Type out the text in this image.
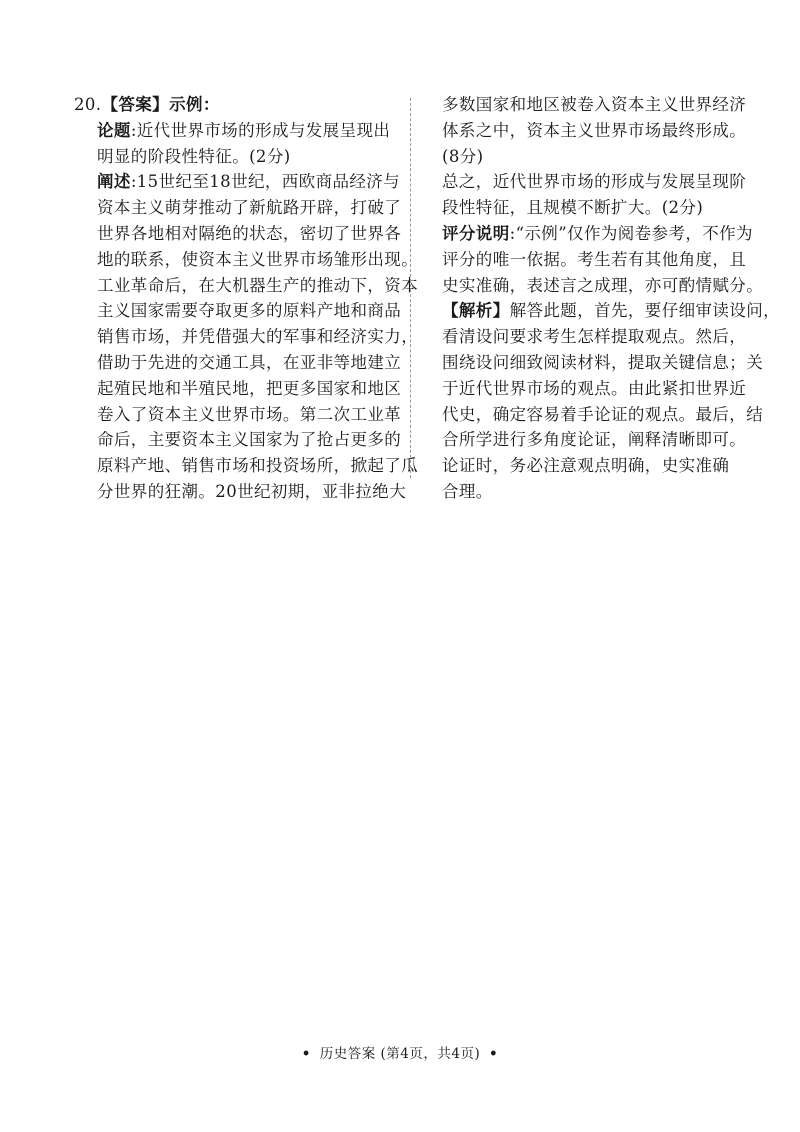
20.【答案】示例：
论题:近代世界市场的形成与发展呈现出
明显的阶段性特征。(2分)
阐述:15世纪至18世纪，西欧商品经济与
资本主义萌芽推动了新航路开辟，打破了
世界各地相对隔绝的状态，密切了世界各
地的联系，使资本主义世界市场雏形出现。
工业革命后，在大机器生产的推动下，资本
主义国家需要夺取更多的原料产地和商品
销售市场，并凭借强大的军事和经济实力，
借助于先进的交通工具，在亚非等地建立
起殖民地和半殖民地，把更多国家和地区
卷入了资本主义世界市场。第二次工业革
命后，主要资本主义国家为了抢占更多的
原料产地、销售市场和投资场所，掀起了瓜
分世界的狂潮。20世纪初期，亚非拉绝大
多数国家和地区被卷入资本主义世界经济
体系之中，资本主义世界市场最终形成。
(8分)
总之，近代世界市场的形成与发展呈现阶
段性特征，且规模不断扩大。(2分)
评分说明:“示例”仅作为阅卷参考，不作为
评分的唯一依据。考生若有其他角度，且
史实准确，表述言之成理，亦可酌情赋分。
【解析】解答此题，首先，要仔细审读设问，
看清设问要求考生怎样提取观点。然后，
围绕设问细致阅读材料，提取关键信息；关
于近代世界市场的观点。由此紧扣世界近
代史，确定容易着手论证的观点。最后，结
合所学进行多角度论证，阐释清晰即可。
论证时，务必注意观点明确，史实准确
合理。
• 历史答案 (第4页，共4页) •
